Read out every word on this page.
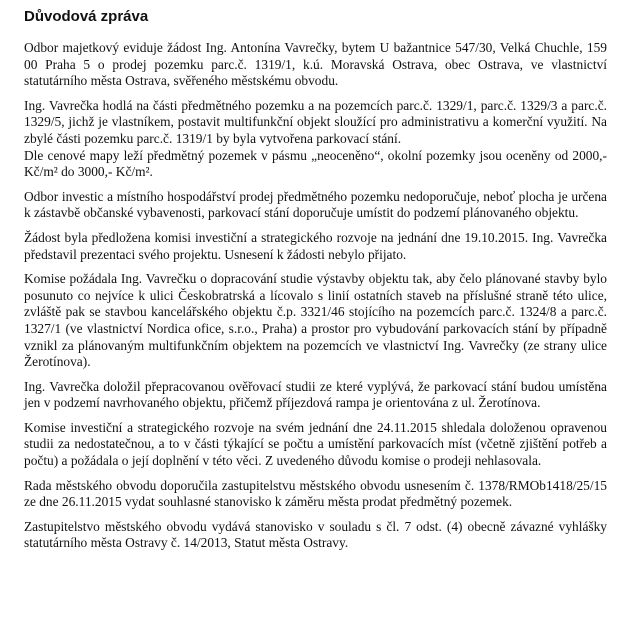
Důvodová zpráva

Odbor majetkový eviduje žádost Ing. Antonína Vavrečky, bytem U bažantnice 547/30, Velká Chuchle, 159 00 Praha 5 o prodej pozemku parc.č. 1319/1, k.ú. Moravská Ostrava, obec Ostrava, ve vlastnictví statutárního města Ostrava, svěřeného městskému obvodu.

Ing. Vavrečka hodlá na části předmětného pozemku a na pozemcích parc.č. 1329/1, parc.č. 1329/3 a parc.č. 1329/5, jichž je vlastníkem, postavit multifunkční objekt sloužící pro administrativu a komerční využití. Na zbylé části pozemku parc.č. 1319/1 by byla vytvořena parkovací stání.

Dle cenové mapy leží předmětný pozemek v pásmu „neoceněno“, okolní pozemky jsou oceněny od 2000,- Kč/m² do 3000,- Kč/m².

Odbor investic a místního hospodářství prodej předmětného pozemku nedoporučuje, neboť plocha je určena k zástavbě občanské vybavenosti, parkovací stání doporučuje umístit do podzemí plánovaného objektu.

Žádost byla předložena komisi investiční a strategického rozvoje na jednání dne 19.10.2015. Ing. Vavrečka představil prezentaci svého projektu. Usnesení k žádosti nebylo přijato.

Komise požádala Ing. Vavrečku o dopracování studie výstavby objektu tak, aby čelo plánované stavby bylo posunuto co nejvíce k ulici Českobratrská a lícovalo s linií ostatních staveb na příslušné straně této ulice, zvláště pak se stavbou kancelářského objektu č.p. 3321/46 stojícího na pozemcích parc.č. 1324/8 a parc.č. 1327/1 (ve vlastnictví Nordica ofice, s.r.o., Praha) a prostor pro vybudování parkovacích stání by případně vznikl za plánovaným multifunkčním objektem na pozemcích ve vlastnictví Ing. Vavrečky (ze strany ulice Žerotínova).

Ing. Vavrečka doložil přepracovanou ověřovací studii ze které vyplývá, že parkovací stání budou umístěna jen v podzemí navrhovaného objektu, přičemž příjezdová rampa je orientována z ul. Žerotínova.

Komise investiční a strategického rozvoje na svém jednání dne 24.11.2015 shledala doloženou opravenou studii za nedostatečnou, a to v části týkající se počtu a umístění parkovacích míst (včetně zjištění potřeb a počtu) a požádala o její doplnění v této věci. Z uvedeného důvodu komise o prodeji nehlasovala.

Rada městského obvodu doporučila zastupitelstvu městského obvodu usnesením č. 1378/RMOb1418/25/15 ze dne 26.11.2015 vydat souhlasné stanovisko k záměru města prodat předmětný pozemek.

Zastupitelstvo městského obvodu vydává stanovisko v souladu s čl. 7 odst. (4) obecně závazné vyhlášky statutárního města Ostravy č. 14/2013, Statut města Ostravy.
